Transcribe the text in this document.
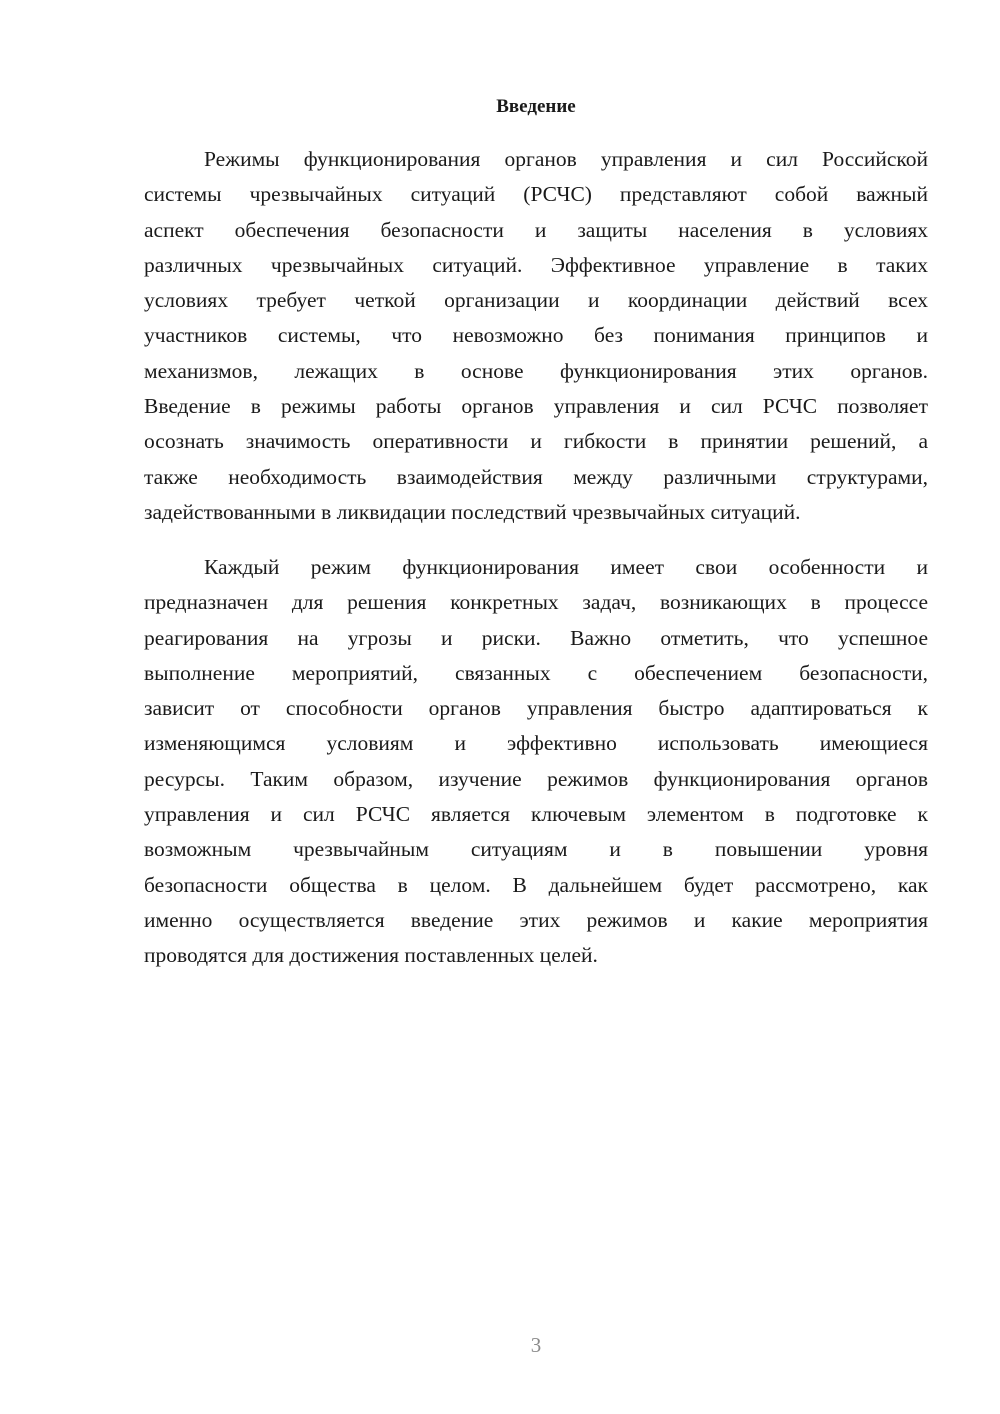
Введение
Режимы функционирования органов управления и сил Российской
системы чрезвычайных ситуаций (РСЧС) представляют собой важный
аспект обеспечения безопасности и защиты населения в условиях
различных чрезвычайных ситуаций. Эффективное управление в таких
условиях требует четкой организации и координации действий всех
участников системы, что невозможно без понимания принципов и
механизмов, лежащих в основе функционирования этих органов.
Введение в режимы работы органов управления и сил РСЧС позволяет
осознать значимость оперативности и гибкости в принятии решений, а
также необходимость взаимодействия между различными структурами,
задействованными в ликвидации последствий чрезвычайных ситуаций.
Каждый режим функционирования имеет свои особенности и
предназначен для решения конкретных задач, возникающих в процессе
реагирования на угрозы и риски. Важно отметить, что успешное
выполнение мероприятий, связанных с обеспечением безопасности,
зависит от способности органов управления быстро адаптироваться к
изменяющимся условиям и эффективно использовать имеющиеся
ресурсы. Таким образом, изучение режимов функционирования органов
управления и сил РСЧС является ключевым элементом в подготовке к
возможным чрезвычайным ситуациям и в повышении уровня
безопасности общества в целом. В дальнейшем будет рассмотрено, как
именно осуществляется введение этих режимов и какие мероприятия
проводятся для достижения поставленных целей.
3
